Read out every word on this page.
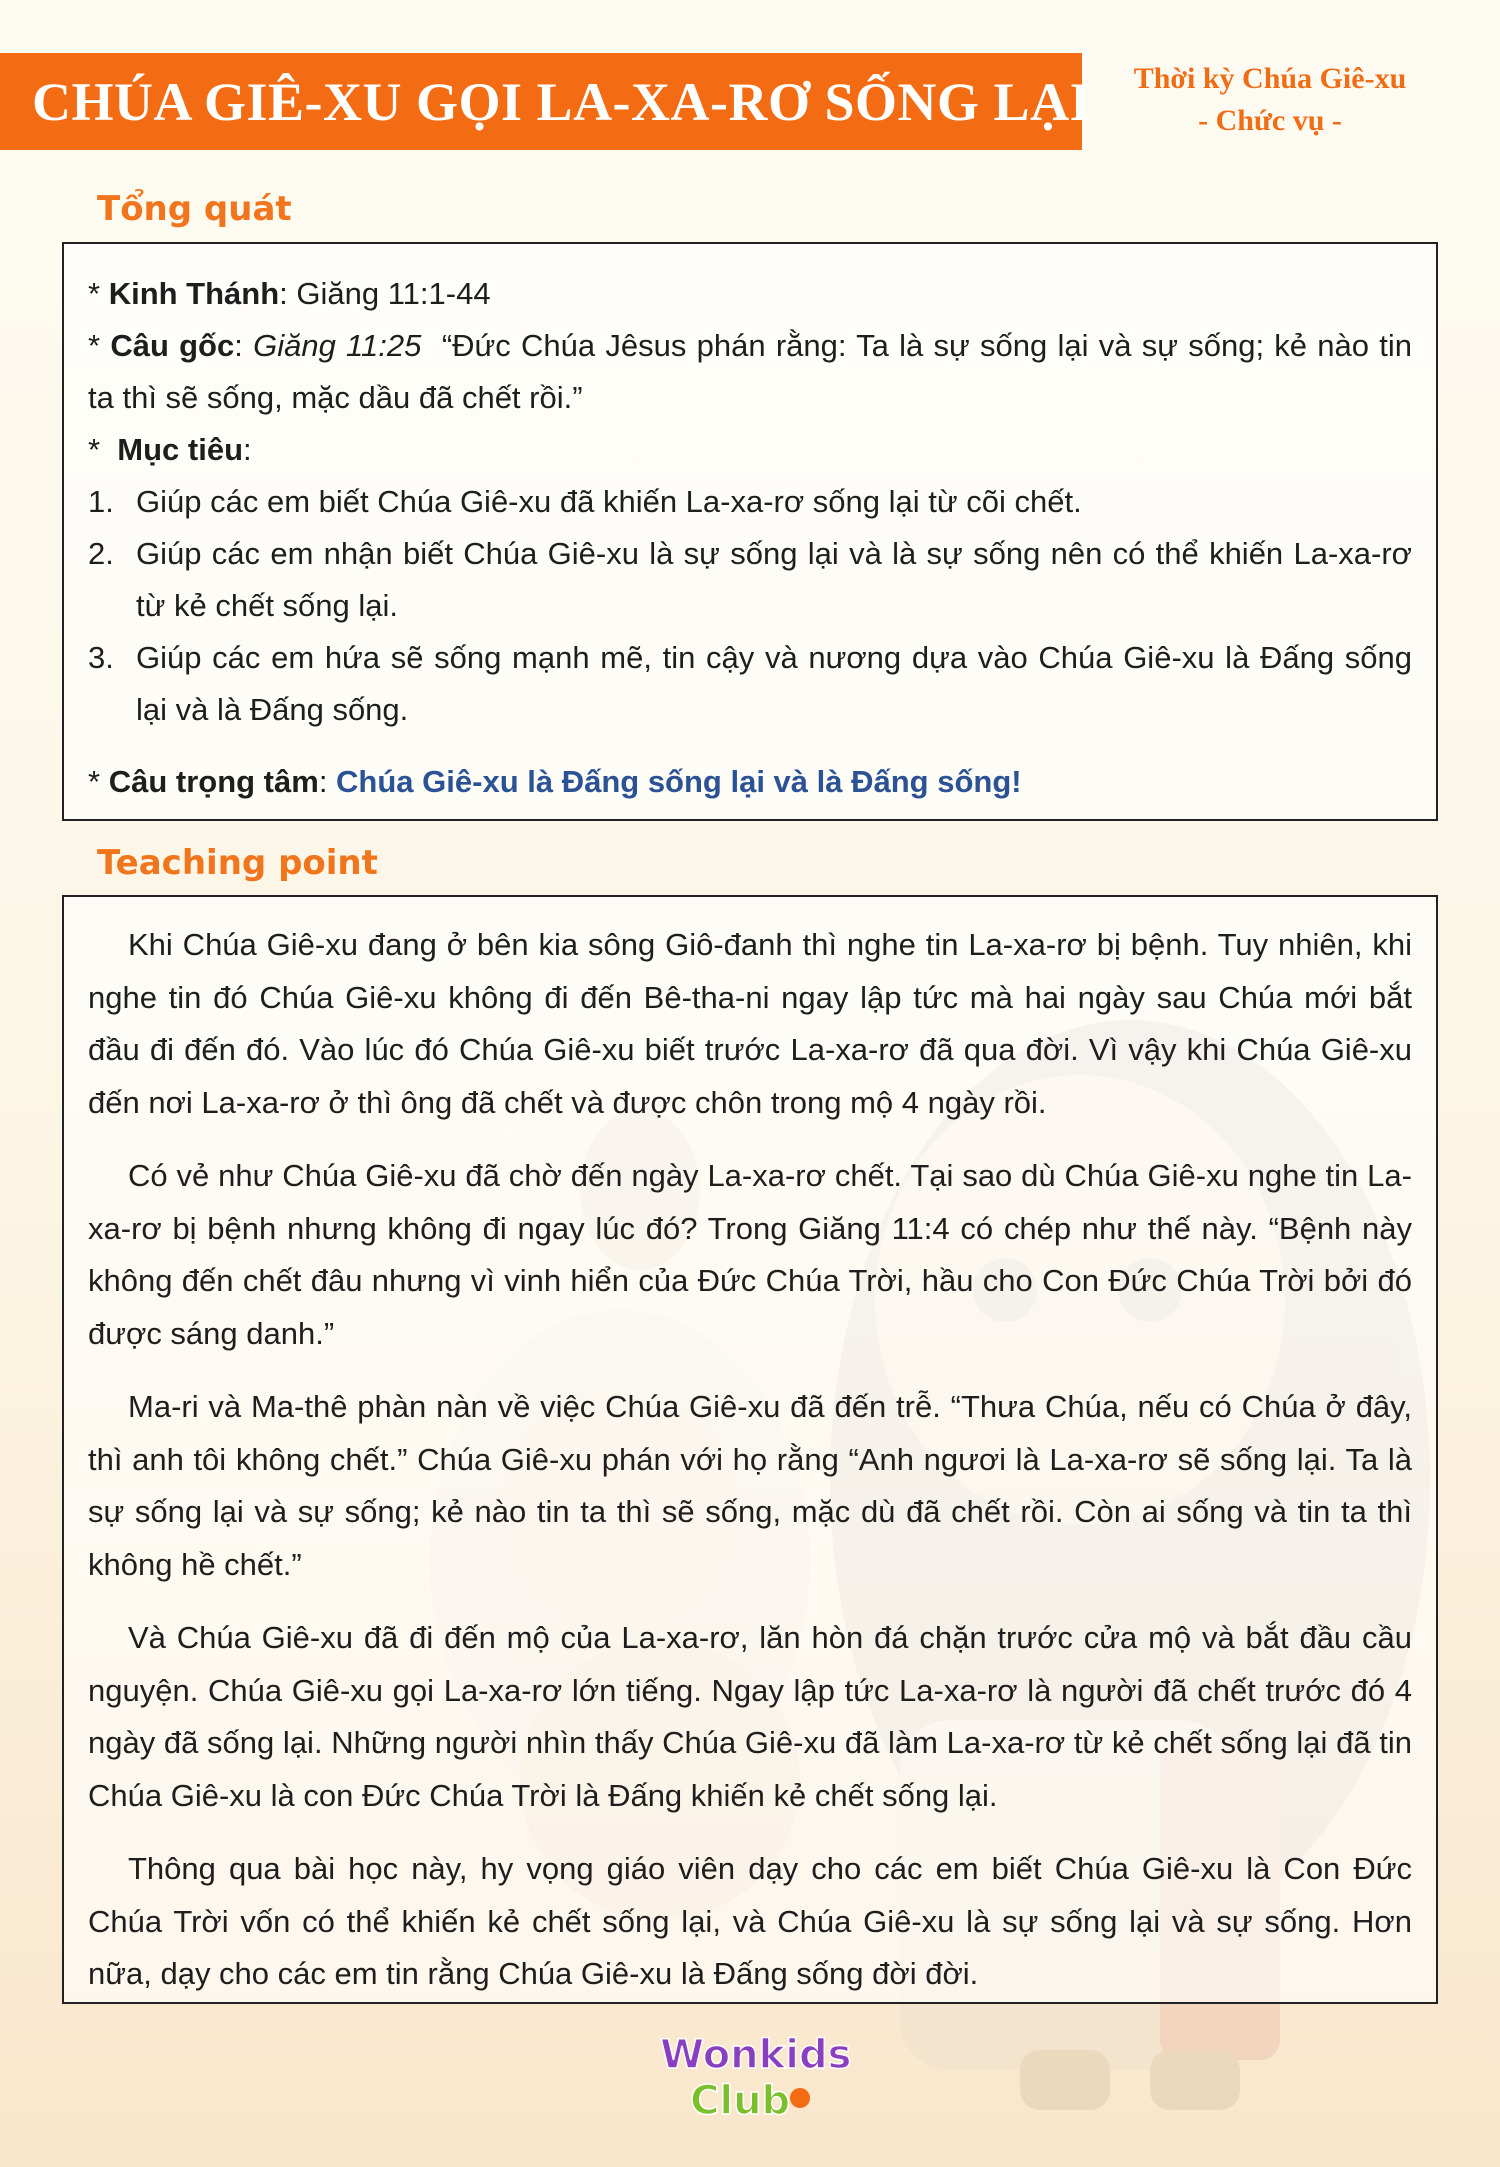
CHÚA GIÊ-XU GỌI LA-XA-RƠ SỐNG LẠI	Thời kỳ Chúa Giê-xu
- Chức vụ -
Tổng quát
* Kinh Thánh: Giăng 11:1-44
* Câu gốc: Giăng 11:25 “Đức Chúa Jêsus phán rằng: Ta là sự sống lại và sự sống; kẻ nào tin ta thì sẽ sống, mặc dầu đã chết rồi.”
*  Mục tiêu:
1. Giúp các em biết Chúa Giê-xu đã khiến La-xa-rơ sống lại từ cõi chết.
2. Giúp các em nhận biết Chúa Giê-xu là sự sống lại và là sự sống nên có thể khiến La-xa-rơ từ kẻ chết sống lại.
3. Giúp các em hứa sẽ sống mạnh mẽ, tin cậy và nương dựa vào Chúa Giê-xu là Đấng sống lại và là Đấng sống.
* Câu trọng tâm: Chúa Giê-xu là Đấng sống lại và là Đấng sống!
Teaching point

Khi Chúa Giê-xu đang ở bên kia sông Giô-đanh thì nghe tin La-xa-rơ bị bệnh. Tuy nhiên, khi nghe tin đó Chúa Giê-xu không đi đến Bê-tha-ni ngay lập tức mà hai ngày sau Chúa mới bắt đầu đi đến đó. Vào lúc đó Chúa Giê-xu biết trước La-xa-rơ đã qua đời. Vì vậy khi Chúa Giê-xu đến nơi La-xa-rơ ở thì ông đã chết và được chôn trong mộ 4 ngày rồi.

Có vẻ như Chúa Giê-xu đã chờ đến ngày La-xa-rơ chết. Tại sao dù Chúa Giê-xu nghe tin La-xa-rơ bị bệnh nhưng không đi ngay lúc đó? Trong Giăng 11:4 có chép như thế này. “Bệnh này không đến chết đâu nhưng vì vinh hiển của Đức Chúa Trời, hầu cho Con Đức Chúa Trời bởi đó được sáng danh.”

Ma-ri và Ma-thê phàn nàn về việc Chúa Giê-xu đã đến trễ. “Thưa Chúa, nếu có Chúa ở đây, thì anh tôi không chết.” Chúa Giê-xu phán với họ rằng “Anh ngươi là La-xa-rơ sẽ sống lại. Ta là sự sống lại và sự sống; kẻ nào tin ta thì sẽ sống, mặc dù đã chết rồi. Còn ai sống và tin ta thì không hề chết.”

Và Chúa Giê-xu đã đi đến mộ của La-xa-rơ, lăn hòn đá chặn trước cửa mộ và bắt đầu cầu nguyện. Chúa Giê-xu gọi La-xa-rơ lớn tiếng. Ngay lập tức La-xa-rơ là người đã chết trước đó 4 ngày đã sống lại. Những người nhìn thấy Chúa Giê-xu đã làm La-xa-rơ từ kẻ chết sống lại đã tin Chúa Giê-xu là con Đức Chúa Trời là Đấng khiến kẻ chết sống lại.

Thông qua bài học này, hy vọng giáo viên dạy cho các em biết Chúa Giê-xu là Con Đức Chúa Trời vốn có thể khiến kẻ chết sống lại, và Chúa Giê-xu là sự sống lại và sự sống. Hơn nữa, dạy cho các em tin rằng Chúa Giê-xu là Đấng sống đời đời.

Wonkids
Club
